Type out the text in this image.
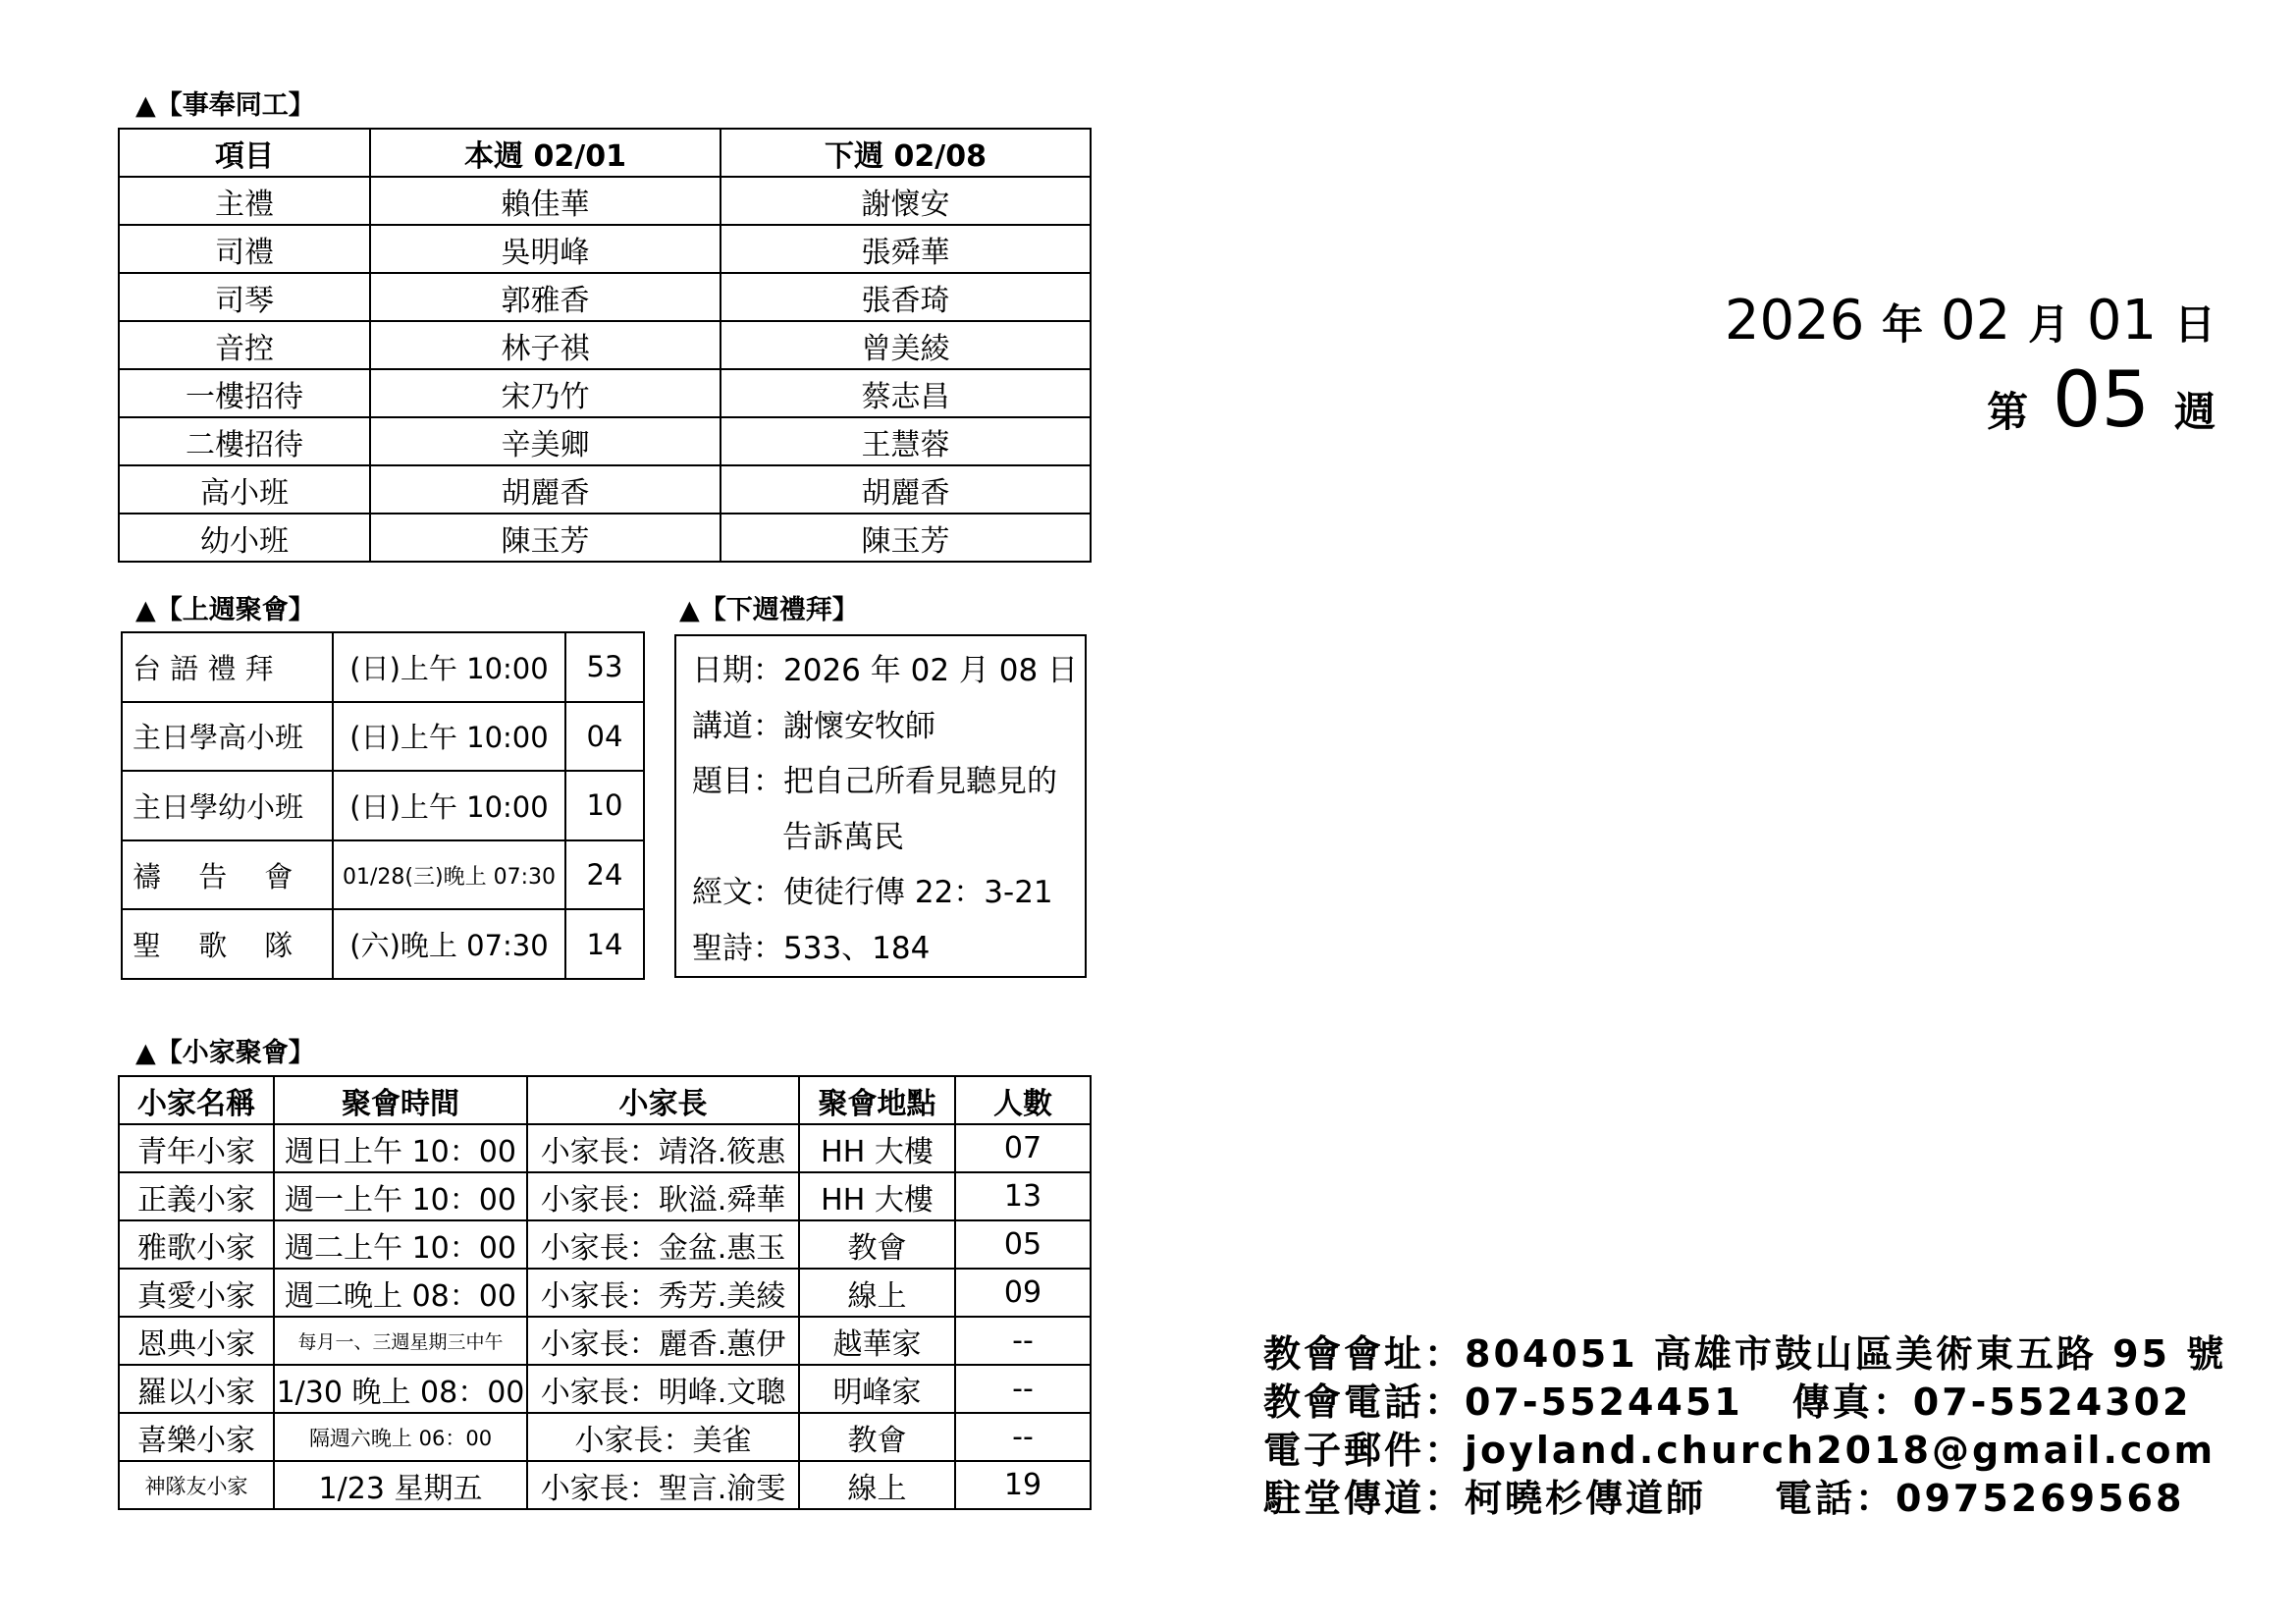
▲【事奉同工】
項目	本週 02/01	下週 02/08
主禮	賴佳華	謝懷安
司禮	吳明峰	張舜華
司琴	郭雅香	張香琦
音控	林子祺	曾美綾
一樓招待	宋乃竹	蔡志昌
二樓招待	辛美卿	王慧蓉
高小班	胡麗香	胡麗香
幼小班	陳玉芳	陳玉芳
▲【上週聚會】
台 語 禮 拜	(日)上午 10:00	53
主日學高小班	(日)上午 10:00	04
主日學幼小班	(日)上午 10:00	10
禱　 告　 會	01/28(三)晚上 07:30	24
聖　 歌　 隊	(六)晚上 07:30	14
▲【下週禮拜】
日期：2026 年 02 月 08 日
講道：謝懷安牧師
題目：把自己所看見聽見的
告訴萬民
經文：使徒行傳 22：3-21
聖詩：533、184
▲【小家聚會】
小家名稱	聚會時間	小家長	聚會地點	人數
青年小家	週日上午 10：00	小家長：靖洛.筱惠	HH 大樓	07
正義小家	週一上午 10：00	小家長：耿溢.舜華	HH 大樓	13
雅歌小家	週二上午 10：00	小家長：金盆.惠玉	教會	05
真愛小家	週二晚上 08：00	小家長：秀芳.美綾	線上	09
恩典小家	每月一、三週星期三中午	小家長：麗香.蕙伊	越華家	--
羅以小家	1/30 晚上 08：00	小家長：明峰.文聰	明峰家	--
喜樂小家	隔週六晚上 06：00	小家長：美雀	教會	--
神隊友小家	1/23 星期五	小家長：聖言.渝雯	線上	19
2026 年 02 月 01 日
第 05 週
教會會址：804051 高雄市鼓山區美術東五路 95 號
教會電話：07-5524451 傳真：07-5524302
電子郵件：joyland.church2018@gmail.com
駐堂傳道：柯曉杉傳道師 電話：0975269568
